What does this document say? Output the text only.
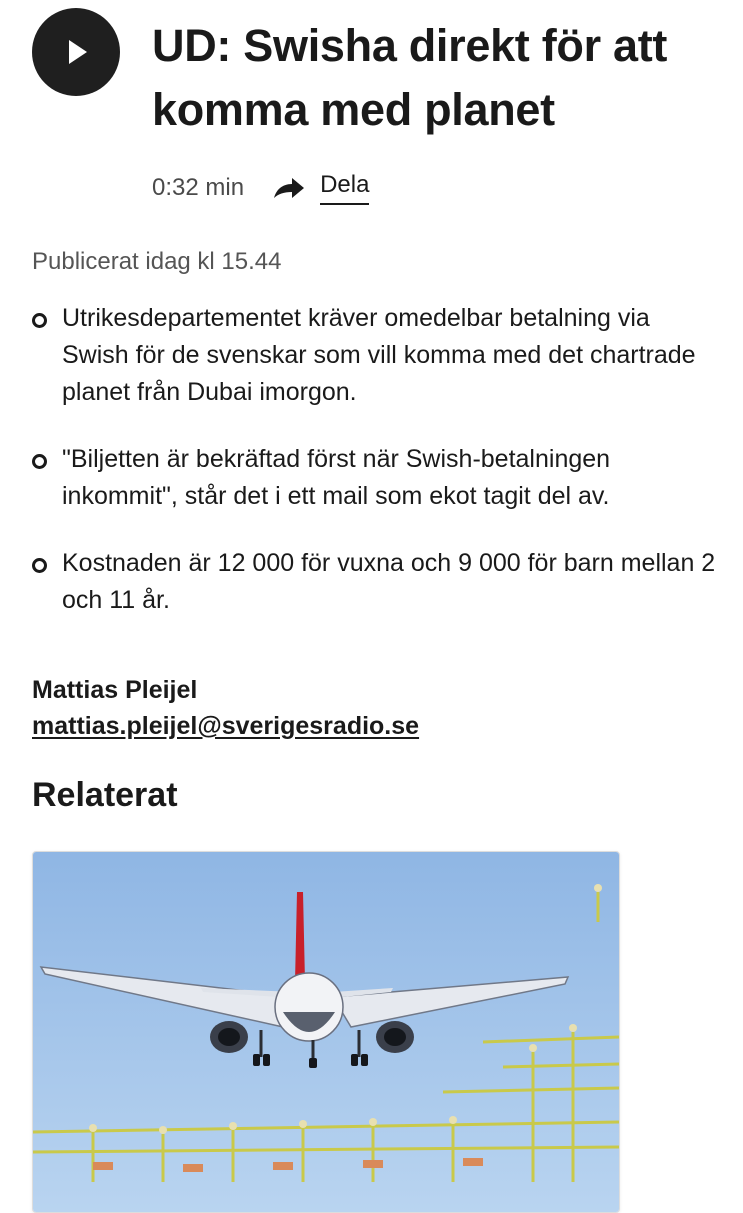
UD: Swisha direkt för att komma med planet
0:32 min	Dela
Publicerat idag kl 15.44
Utrikesdepartementet kräver omedelbar betalning via Swish för de svenskar som vill komma med det chartrade planet från Dubai imorgon.
"Biljetten är bekräftad först när Swish-betalningen inkommit", står det i ett mail som ekot tagit del av.
Kostnaden är 12 000 för vuxna och 9 000 för barn mellan 2 och 11 år.
Mattias Pleijel
mattias.pleijel@sverigesradio.se
Relaterat
